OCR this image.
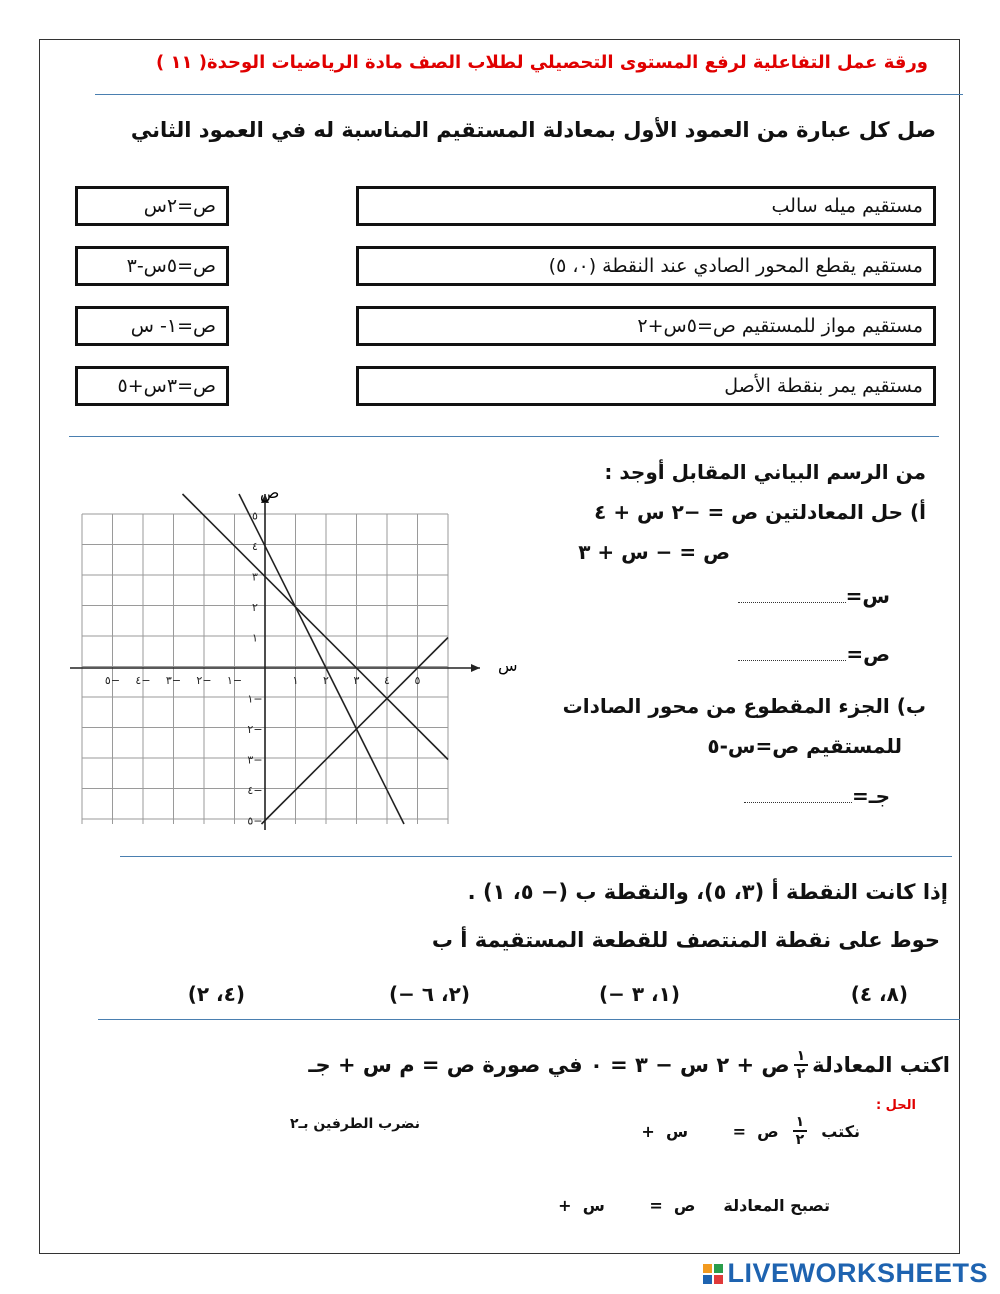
ورقة عمل التفاعلية لرفع المستوى التحصيلي لطلاب الصف مادة الرياضيات الوحدة( ١١ )
صل كل عبارة من العمود الأول بمعادلة المستقيم المناسبة له في العمود الثاني
مستقيم ميله سالب
مستقيم يقطع المحور الصادي عند النقطة (٠، ٥)
مستقيم مواز للمستقيم ص=٥س+٢
مستقيم يمر بنقطة الأصل
ص=٢س
ص=٥س-٣
ص=١- س
ص=٣س+٥
من الرسم البياني المقابل أوجد :
أ) حل المعادلتين ص = −٢ س + ٤
ص = − س + ٣
س=
ص=
ب) الجزء المقطوع من محور الصادات
للمستقيم ص=س-٥
جـ=
٥− ٤− ٣− ٢− ١−	١ ٢ ٣ ٤ ٥
٥
٤
٣
٢
١
١−
٢−
٣−
٤−
٥−
س
ص
إذا كانت النقطة أ (٣، ٥)، والنقطة ب (− ٥، ١) .
حوط على نقطة المنتصف للقطعة المستقيمة أ ب
(٨، ٤)
(− ١، ٣)
(− ٢، ٦)
(٤، ٢)
اكتب المعادلة
$\frac{١}{٢}$
ص + ٢ س − ٣ = ٠ في صورة ص = م س + جـ
الحل :
نكتب
$\frac{١}{٢}$
ص  =        س  +
نضرب الطرفين بـ٢
تصبح المعادلة
ص  =        س  +
LIVEWORKSHEETS
